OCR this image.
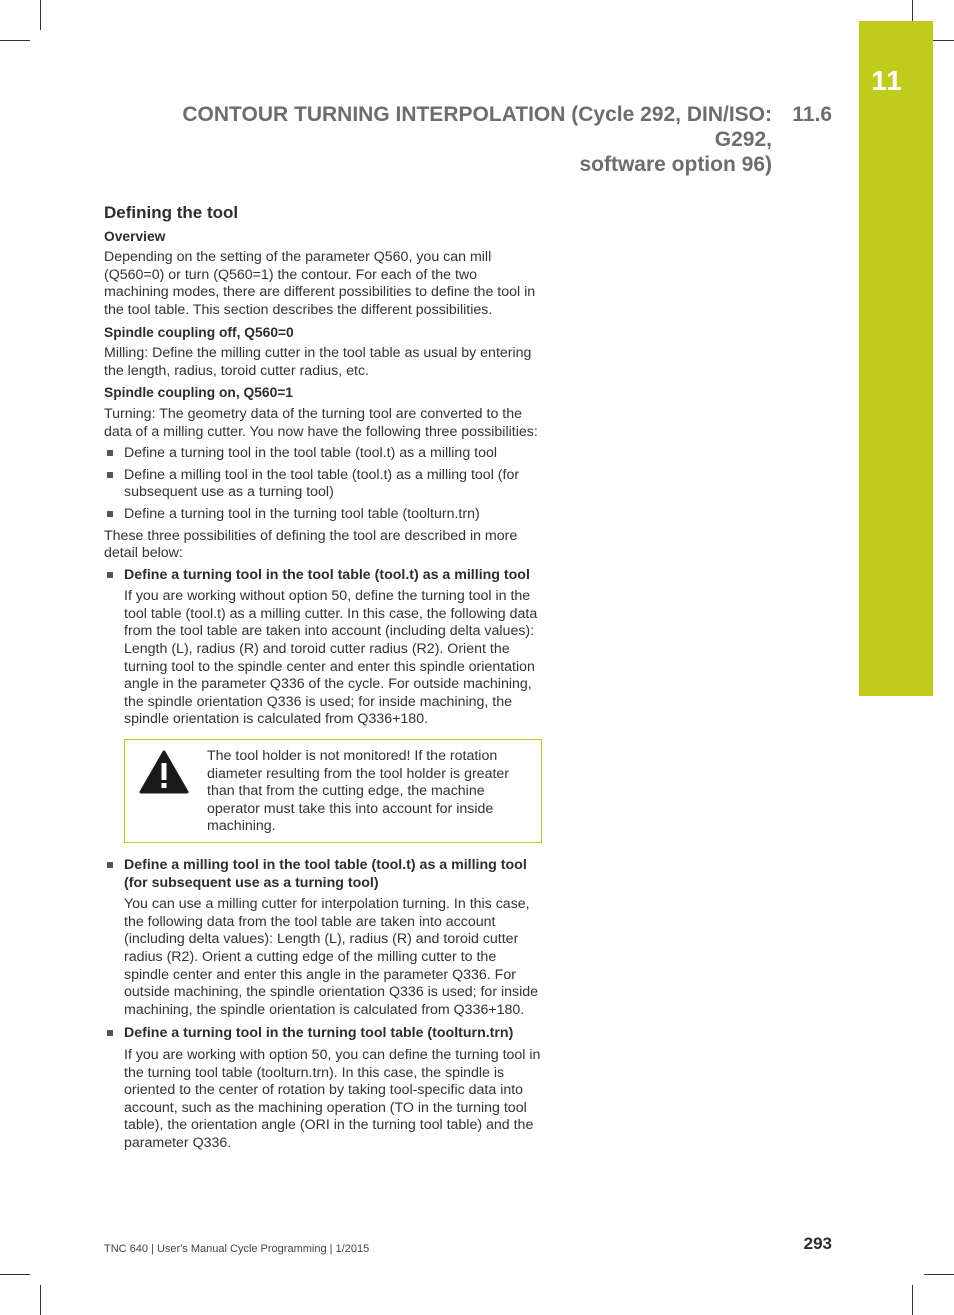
11
CONTOUR TURNING INTERPOLATION (Cycle 292, DIN/ISO: G292,
11.6
software option 96)
Defining the tool
Overview

Depending on the setting of the parameter Q560, you can mill (Q560=0) or turn (Q560=1) the contour. For each of the two machining modes, there are different possibilities to define the tool in the tool table. This section describes the different possibilities.

Spindle coupling off, Q560=0

Milling: Define the milling cutter in the tool table as usual by entering the length, radius, toroid cutter radius, etc.

Spindle coupling on, Q560=1

Turning: The geometry data of the turning tool are converted to the data of a milling cutter. You now have the following three possibilities:

Define a turning tool in the tool table (tool.t) as a milling tool
Define a milling tool in the tool table (tool.t) as a milling tool (for subsequent use as a turning tool)
Define a turning tool in the turning tool table (toolturn.trn)

These three possibilities of defining the tool are described in more detail below:

Define a turning tool in the tool table (tool.t) as a milling tool
If you are working without option 50, define the turning tool in the tool table (tool.t) as a milling cutter. In this case, the following data from the tool table are taken into account (including delta values): Length (L), radius (R) and toroid cutter radius (R2). Orient the turning tool to the spindle center and enter this spindle orientation angle in the parameter Q336 of the cycle. For outside machining, the spindle orientation Q336 is used; for inside machining, the spindle orientation is calculated from Q336+180.
The tool holder is not monitored! If the rotation diameter resulting from the tool holder is greater than that from the cutting edge, the machine operator must take this into account for inside machining.
Define a milling tool in the tool table (tool.t) as a milling tool (for subsequent use as a turning tool)
You can use a milling cutter for interpolation turning. In this case, the following data from the tool table are taken into account (including delta values): Length (L), radius (R) and toroid cutter radius (R2). Orient a cutting edge of the milling cutter to the spindle center and enter this angle in the parameter Q336. For outside machining, the spindle orientation Q336 is used; for inside machining, the spindle orientation is calculated from Q336+180.
Define a turning tool in the turning tool table (toolturn.trn)
If you are working with option 50, you can define the turning tool in the turning tool table (toolturn.trn). In this case, the spindle is oriented to the center of rotation by taking tool-specific data into account, such as the machining operation (TO in the turning tool table), the orientation angle (ORI in the turning tool table) and the parameter Q336.
TNC 640 | User's Manual Cycle Programming | 1/2015	293
